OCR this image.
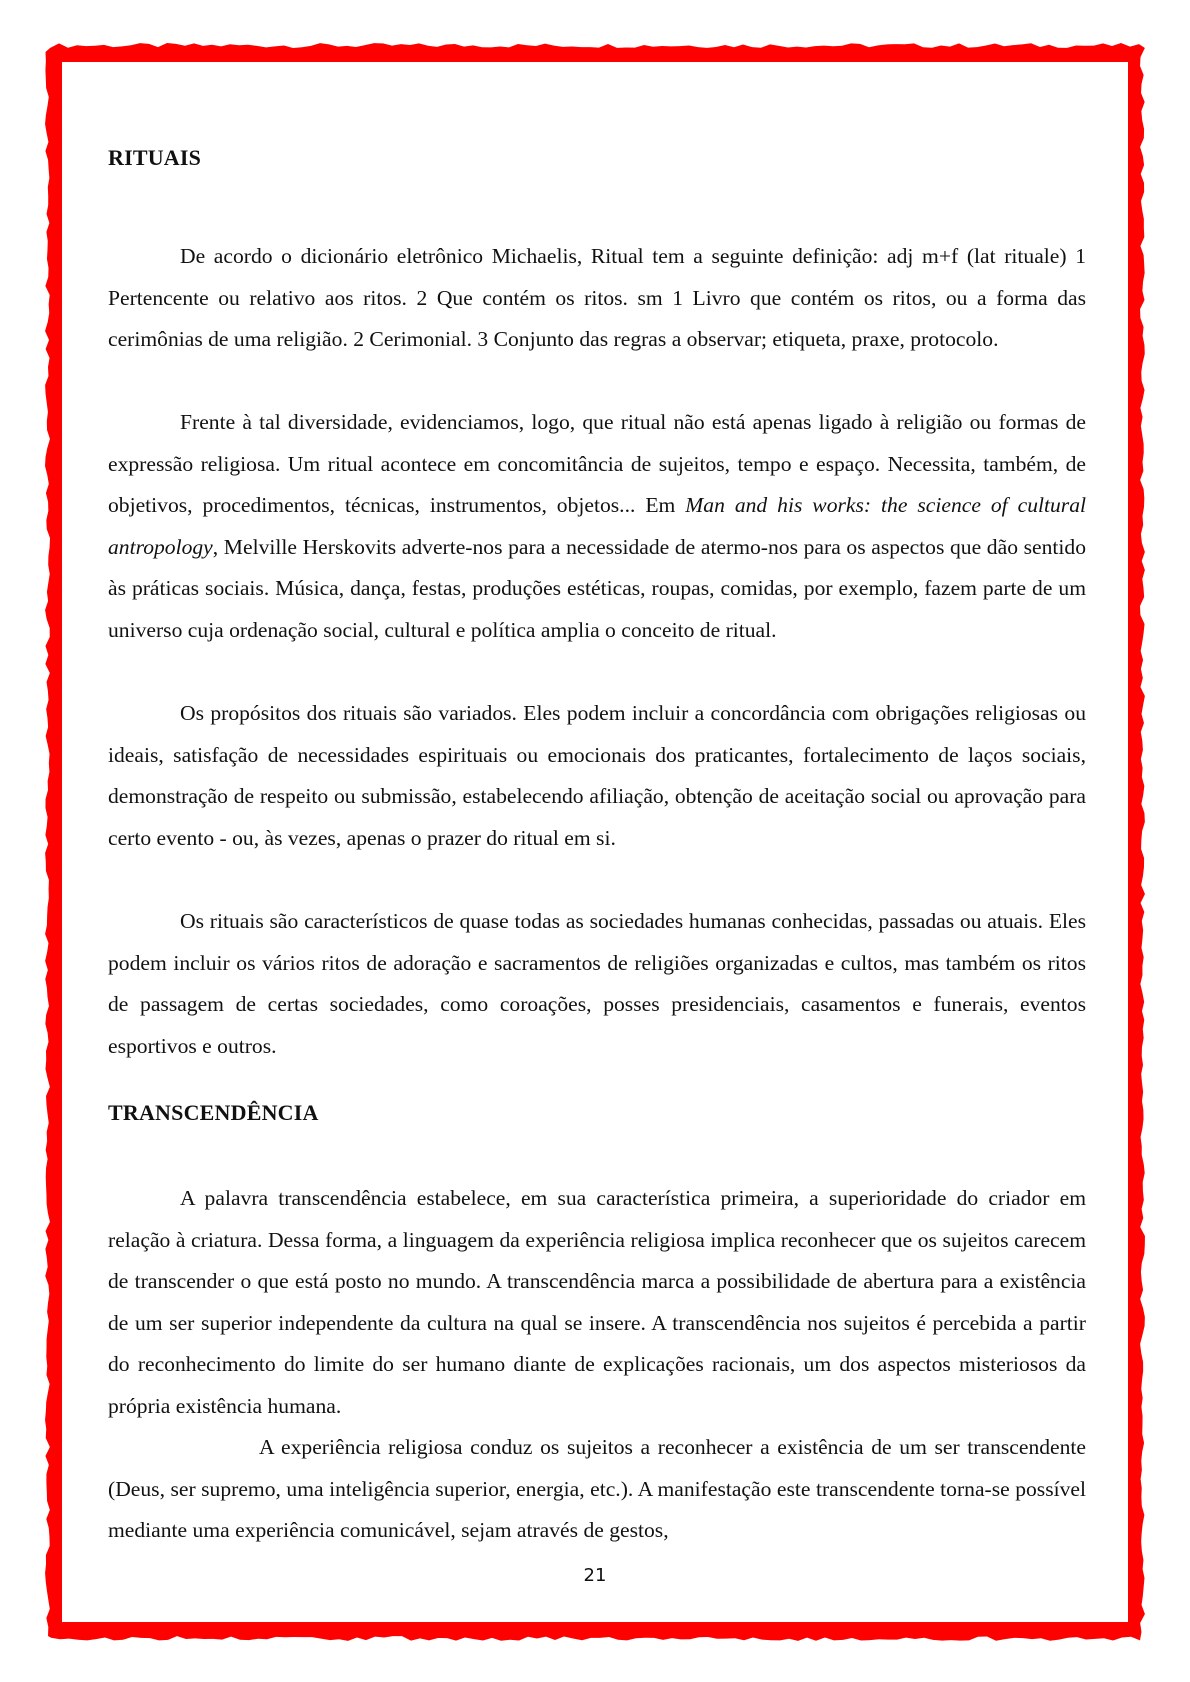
RITUAIS

De acordo o dicionário eletrônico Michaelis, Ritual tem a seguinte definição: adj m+f (lat rituale) 1 Pertencente ou relativo aos ritos. 2 Que contém os ritos. sm 1 Livro que contém os ritos, ou a forma das cerimônias de uma religião. 2 Cerimonial. 3 Conjunto das regras a observar; etiqueta, praxe, protocolo.

Frente à tal diversidade, evidenciamos, logo, que ritual não está apenas ligado à religião ou formas de expressão religiosa. Um ritual acontece em concomitância de sujeitos, tempo e espaço. Necessita, também, de objetivos, procedimentos, técnicas, instrumentos, objetos... Em Man and his works: the science of cultural antropology, Melville Herskovits adverte-nos para a necessidade de atermo-nos para os aspectos que dão sentido às práticas sociais. Música, dança, festas, produções estéticas, roupas, comidas, por exemplo, fazem parte de um universo cuja ordenação social, cultural e política amplia o conceito de ritual.

Os propósitos dos rituais são variados. Eles podem incluir a concordância com obrigações religiosas ou ideais, satisfação de necessidades espirituais ou emocionais dos praticantes, fortalecimento de laços sociais, demonstração de respeito ou submissão, estabelecendo afiliação, obtenção de aceitação social ou aprovação para certo evento - ou, às vezes, apenas o prazer do ritual em si.

Os rituais são característicos de quase todas as sociedades humanas conhecidas, passadas ou atuais. Eles podem incluir os vários ritos de adoração e sacramentos de religiões organizadas e cultos, mas também os ritos de passagem de certas sociedades, como coroações, posses presidenciais, casamentos e funerais, eventos esportivos e outros.

TRANSCENDÊNCIA

A palavra transcendência estabelece, em sua característica primeira, a superioridade do criador em relação à criatura. Dessa forma, a linguagem da experiência religiosa implica reconhecer que os sujeitos carecem de transcender o que está posto no mundo. A transcendência marca a possibilidade de abertura para a existência de um ser superior independente da cultura na qual se insere. A transcendência nos sujeitos é percebida a partir do reconhecimento do limite do ser humano diante de explicações racionais, um dos aspectos misteriosos da própria existência humana.

A experiência religiosa conduz os sujeitos a reconhecer a existência de um ser transcendente (Deus, ser supremo, uma inteligência superior, energia, etc.). A manifestação este transcendente torna-se possível mediante uma experiência comunicável, sejam através de gestos,

21
